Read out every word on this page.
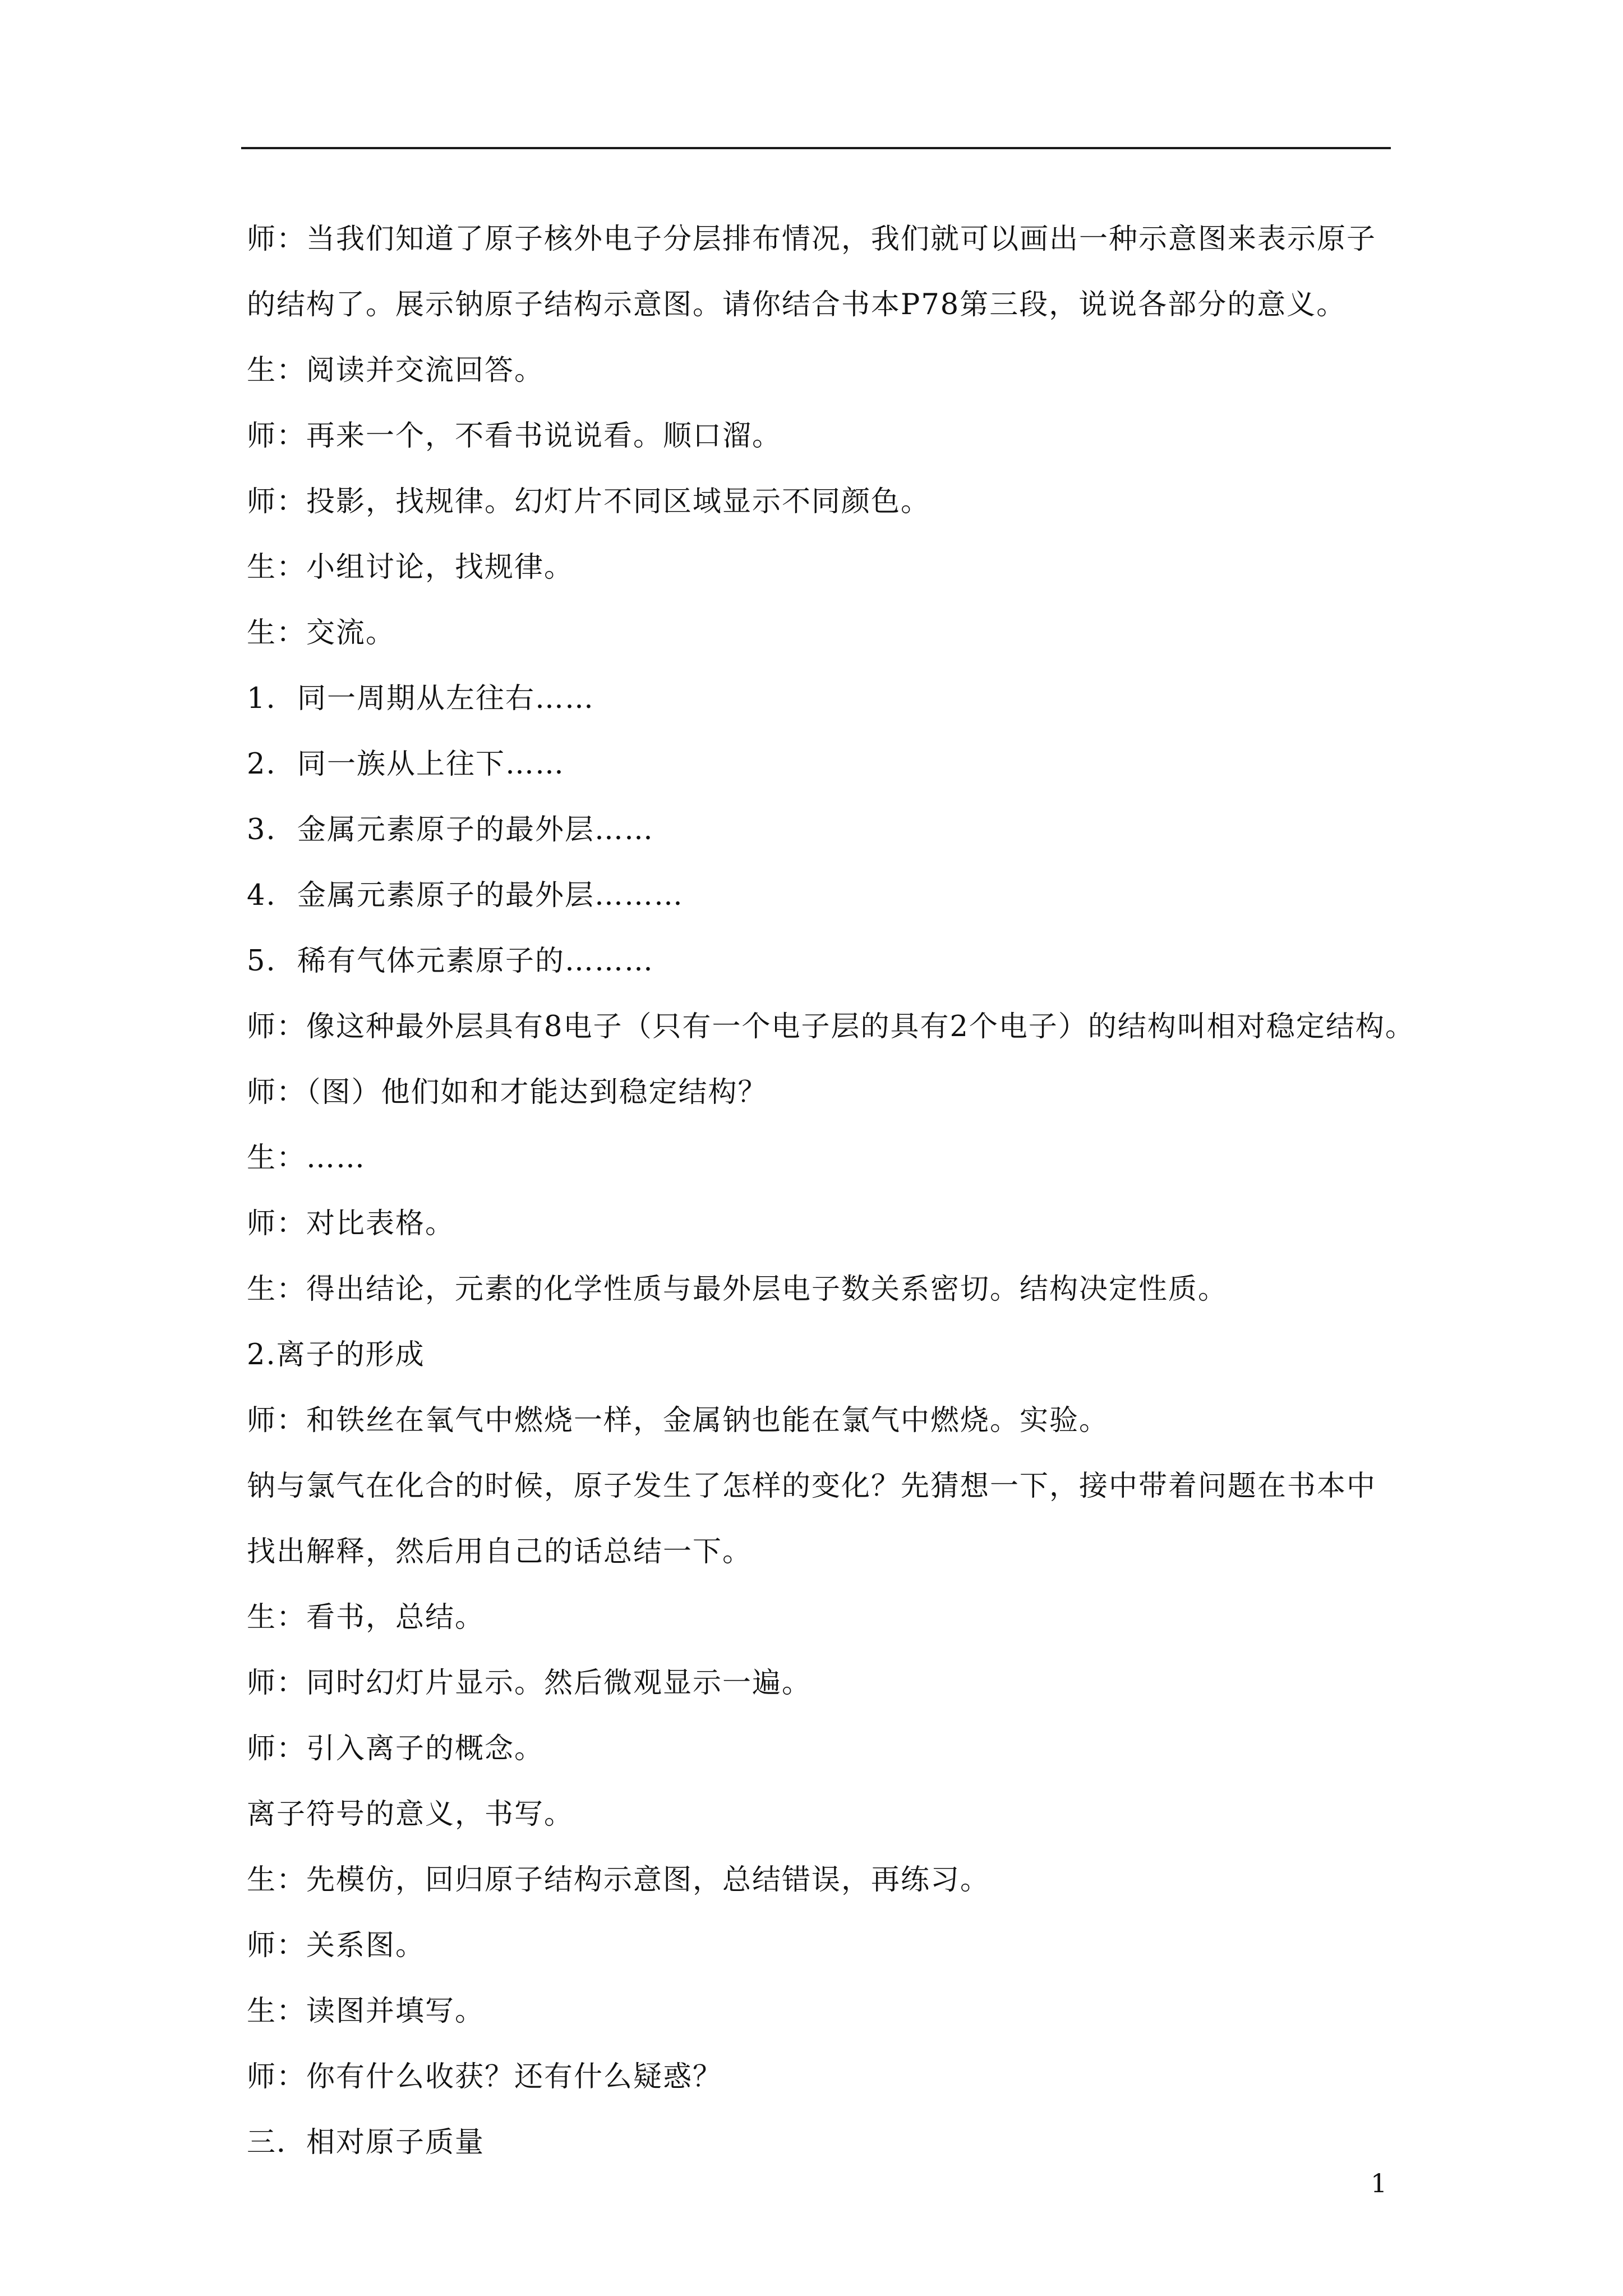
师：当我们知道了原子核外电子分层排布情况，我们就可以画出一种示意图来表示原子的结构了。展示钠原子结构示意图。请你结合书本P78第三段，说说各部分的意义。
生：阅读并交流回答。
师：再来一个，不看书说说看。顺口溜。
师：投影，找规律。幻灯片不同区域显示不同颜色。
生：小组讨论，找规律。
生：交流。
1. 同一周期从左往右……
2. 同一族从上往下……
3. 金属元素原子的最外层……
4. 金属元素原子的最外层………
5. 稀有气体元素原子的………
师：像这种最外层具有8电子（只有一个电子层的具有2个电子）的结构叫相对稳定结构。
师：（图）他们如和才能达到稳定结构？
生：……
师：对比表格。
生：得出结论，元素的化学性质与最外层电子数关系密切。结构决定性质。
2.离子的形成
师：和铁丝在氧气中燃烧一样，金属钠也能在氯气中燃烧。实验。
钠与氯气在化合的时候，原子发生了怎样的变化？先猜想一下，接中带着问题在书本中找出解释，然后用自己的话总结一下。
生：看书，总结。
师：同时幻灯片显示。然后微观显示一遍。
师：引入离子的概念。
离子符号的意义，书写。
生：先模仿，回归原子结构示意图，总结错误，再练习。
师：关系图。
生：读图并填写。
师：你有什么收获？还有什么疑惑？
三．相对原子质量
1
